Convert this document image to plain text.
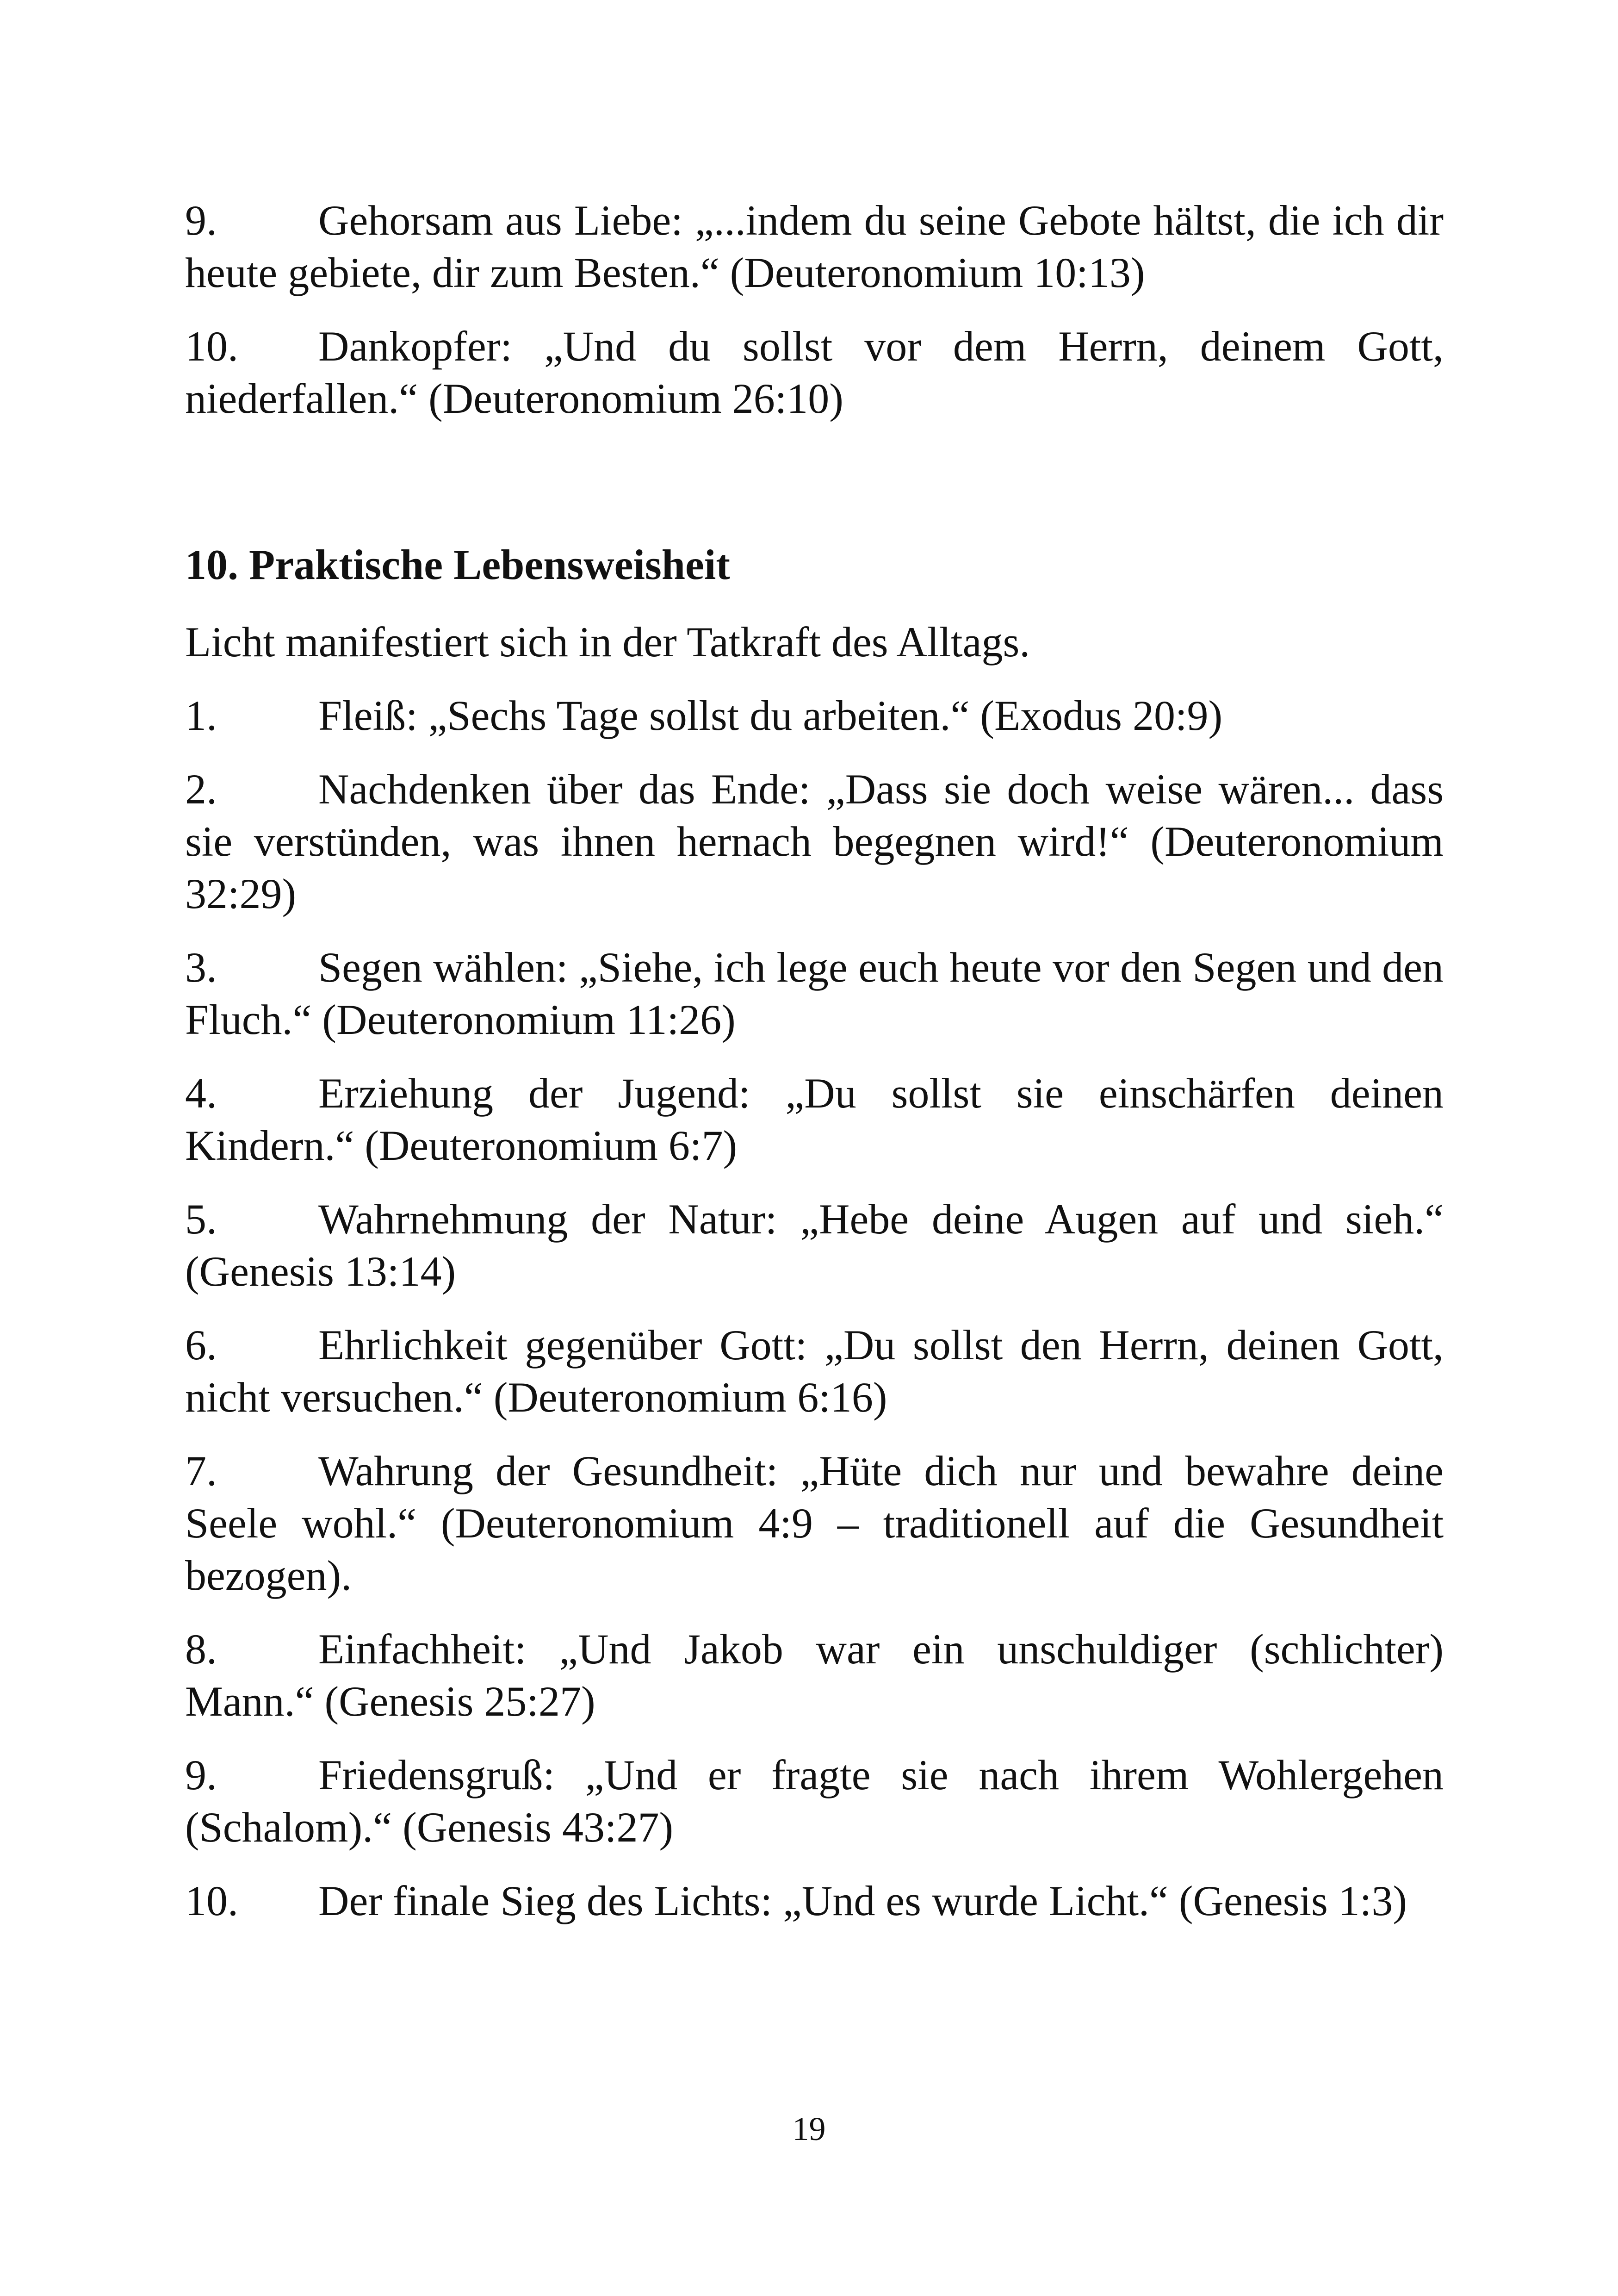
9. Gehorsam aus Liebe: „...indem du seine Gebote hältst, die ich dir heute gebiete, dir zum Besten.“ (Deuteronomium 10:13)

10. Dankopfer: „Und du sollst vor dem Herrn, deinem Gott, niederfallen.“ (Deuteronomium 26:10)

10. Praktische Lebensweisheit

Licht manifestiert sich in der Tatkraft des Alltags.

1. Fleiß: „Sechs Tage sollst du arbeiten.“ (Exodus 20:9)

2. Nachdenken über das Ende: „Dass sie doch weise wären... dass sie verstünden, was ihnen hernach begegnen wird!“ (Deuteronomium 32:29)

3. Segen wählen: „Siehe, ich lege euch heute vor den Segen und den Fluch.“ (Deuteronomium 11:26)

4. Erziehung der Jugend: „Du sollst sie einschärfen deinen Kindern.“ (Deuteronomium 6:7)

5. Wahrnehmung der Natur: „Hebe deine Augen auf und sieh.“ (Genesis 13:14)

6. Ehrlichkeit gegenüber Gott: „Du sollst den Herrn, deinen Gott, nicht versuchen.“ (Deuteronomium 6:16)

7. Wahrung der Gesundheit: „Hüte dich nur und bewahre deine Seele wohl.“ (Deuteronomium 4:9 – traditionell auf die Gesundheit bezogen).

8. Einfachheit: „Und Jakob war ein unschuldiger (schlichter) Mann.“ (Genesis 25:27)

9. Friedensgruß: „Und er fragte sie nach ihrem Wohlergehen (Schalom).“ (Genesis 43:27)

10. Der finale Sieg des Lichts: „Und es wurde Licht.“ (Genesis 1:3)

19
